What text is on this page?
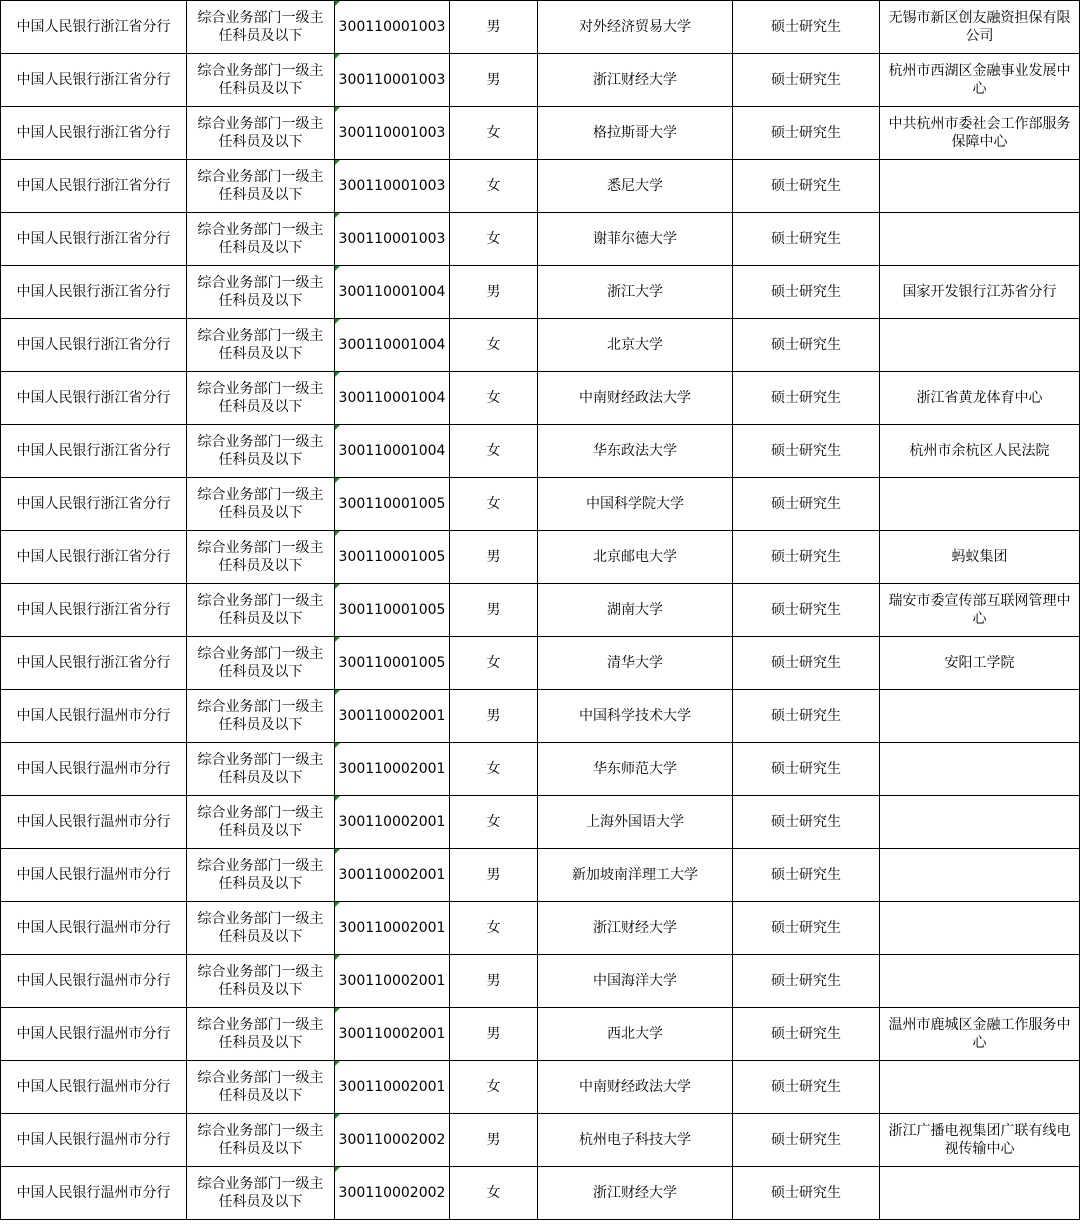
中国人民银行浙江省分行	综合业务部门一级主任科员及以下	300110001003	男	对外经济贸易大学	硕士研究生	无锡市新区创友融资担保有限公司
中国人民银行浙江省分行	综合业务部门一级主任科员及以下	300110001003	男	浙江财经大学	硕士研究生	杭州市西湖区金融事业发展中心
中国人民银行浙江省分行	综合业务部门一级主任科员及以下	300110001003	女	格拉斯哥大学	硕士研究生	中共杭州市委社会工作部服务保障中心
中国人民银行浙江省分行	综合业务部门一级主任科员及以下	300110001003	女	悉尼大学	硕士研究生	
中国人民银行浙江省分行	综合业务部门一级主任科员及以下	300110001003	女	谢菲尔德大学	硕士研究生	
中国人民银行浙江省分行	综合业务部门一级主任科员及以下	300110001004	男	浙江大学	硕士研究生	国家开发银行江苏省分行
中国人民银行浙江省分行	综合业务部门一级主任科员及以下	300110001004	女	北京大学	硕士研究生	
中国人民银行浙江省分行	综合业务部门一级主任科员及以下	300110001004	女	中南财经政法大学	硕士研究生	浙江省黄龙体育中心
中国人民银行浙江省分行	综合业务部门一级主任科员及以下	300110001004	女	华东政法大学	硕士研究生	杭州市余杭区人民法院
中国人民银行浙江省分行	综合业务部门一级主任科员及以下	300110001005	女	中国科学院大学	硕士研究生	
中国人民银行浙江省分行	综合业务部门一级主任科员及以下	300110001005	男	北京邮电大学	硕士研究生	蚂蚁集团
中国人民银行浙江省分行	综合业务部门一级主任科员及以下	300110001005	男	湖南大学	硕士研究生	瑞安市委宣传部互联网管理中心
中国人民银行浙江省分行	综合业务部门一级主任科员及以下	300110001005	女	清华大学	硕士研究生	安阳工学院
中国人民银行温州市分行	综合业务部门一级主任科员及以下	300110002001	男	中国科学技术大学	硕士研究生	
中国人民银行温州市分行	综合业务部门一级主任科员及以下	300110002001	女	华东师范大学	硕士研究生	
中国人民银行温州市分行	综合业务部门一级主任科员及以下	300110002001	女	上海外国语大学	硕士研究生	
中国人民银行温州市分行	综合业务部门一级主任科员及以下	300110002001	男	新加坡南洋理工大学	硕士研究生	
中国人民银行温州市分行	综合业务部门一级主任科员及以下	300110002001	女	浙江财经大学	硕士研究生	
中国人民银行温州市分行	综合业务部门一级主任科员及以下	300110002001	男	中国海洋大学	硕士研究生	
中国人民银行温州市分行	综合业务部门一级主任科员及以下	300110002001	男	西北大学	硕士研究生	温州市鹿城区金融工作服务中心
中国人民银行温州市分行	综合业务部门一级主任科员及以下	300110002001	女	中南财经政法大学	硕士研究生	
中国人民银行温州市分行	综合业务部门一级主任科员及以下	300110002002	男	杭州电子科技大学	硕士研究生	浙江广播电视集团广联有线电视传输中心
中国人民银行温州市分行	综合业务部门一级主任科员及以下	300110002002	女	浙江财经大学	硕士研究生	
